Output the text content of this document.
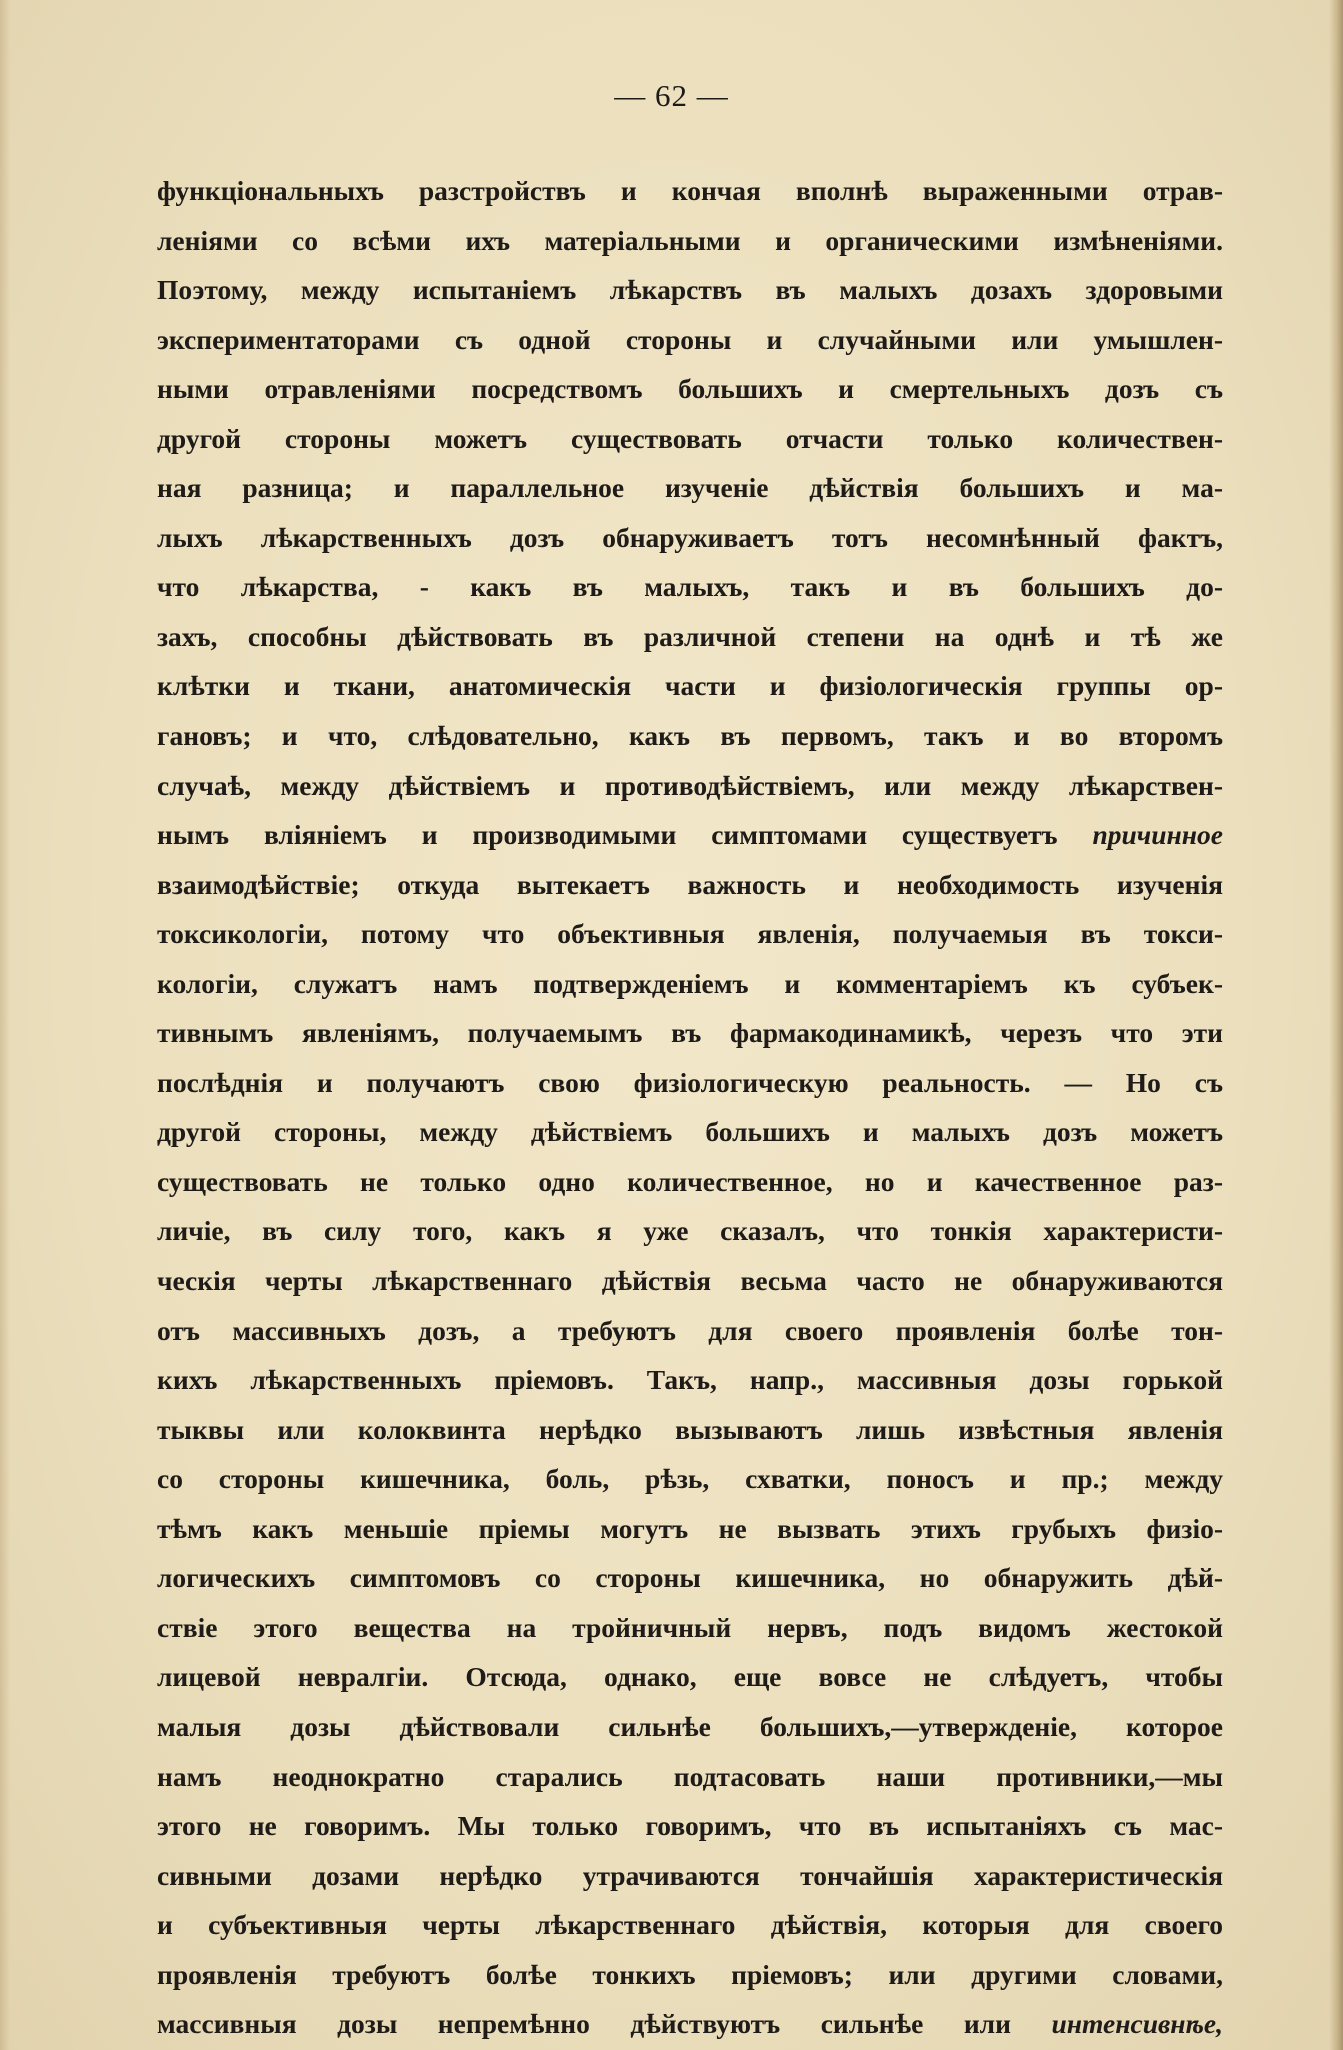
— 62 —
функцiональныхъ разстройствъ и кончая вполнѣ выраженными отрав-
ленiями со всѣми ихъ матерiальными и органическими измѣненiями.
Поэтому, между испытанiемъ лѣкарствъ въ малыхъ дозахъ здоровыми
экспериментаторами съ одной стороны и случайными или умышлен-
ными отравленiями посредствомъ большихъ и смертельныхъ дозъ съ
другой стороны можетъ существовать отчасти только количествен-
ная разница; и параллельное изученiе дѣйствiя большихъ и ма-
лыхъ лѣкарственныхъ дозъ обнаруживаетъ тотъ несомнѣнный фактъ,
что лѣкарства, - какъ въ малыхъ, такъ и въ большихъ до-
захъ, способны дѣйствовать въ различной степени на однѣ и тѣ же
клѣтки и ткани, анатомическiя части и физiологическiя группы ор-
гановъ; и что, слѣдовательно, какъ въ первомъ, такъ и во второмъ
случаѣ, между дѣйствiемъ и противодѣйствiемъ, или между лѣкарствен-
нымъ влiянiемъ и производимыми симптомами существуетъ причинное
взаимодѣйствiе; откуда вытекаетъ важность и необходимость изученiя
токсикологiи, потому что объективныя явленiя, получаемыя въ токси-
кологiи, служатъ намъ подтвержденiемъ и комментарiемъ къ субъек-
тивнымъ явленiямъ, получаемымъ въ фармакодинамикѣ, черезъ что эти
послѣднiя и получаютъ свою физiологическую реальность. — Но съ
другой стороны, между дѣйствiемъ большихъ и малыхъ дозъ можетъ
существовать не только одно количественное, но и качественное раз-
личiе, въ силу того, какъ я уже сказалъ, что тонкiя характеристи-
ческiя черты лѣкарственнаго дѣйствiя весьма часто не обнаруживаются
отъ массивныхъ дозъ, а требуютъ для своего проявленiя болѣе тон-
кихъ лѣкарственныхъ прiемовъ. Такъ, напр., массивныя дозы горькой
тыквы или колоквинта нерѣдко вызываютъ лишь извѣстныя явленiя
со стороны кишечника, боль, рѣзь, схватки, поносъ и пр.; между
тѣмъ какъ меньшiе прiемы могутъ не вызвать этихъ грубыхъ физiо-
логическихъ симптомовъ со стороны кишечника, но обнаружить дѣй-
ствiе этого вещества на тройничный нервъ, подъ видомъ жестокой
лицевой невралгiи. Отсюда, однако, еще вовсе не слѣдуетъ, чтобы
малыя дозы дѣйствовали сильнѣе большихъ,—утвержденiе, которое
намъ неоднократно старались подтасовать наши противники,—мы
этого не говоримъ. Мы только говоримъ, что въ испытанiяхъ съ мас-
сивными дозами нерѣдко утрачиваются тончайшiя характеристическiя
и субъективныя черты лѣкарственнаго дѣйствiя, которыя для своего
проявленiя требуютъ болѣе тонкихъ прiемовъ; или другими словами,
массивныя дозы непремѣнно дѣйствуютъ сильнѣе или интенсивнѣе,
